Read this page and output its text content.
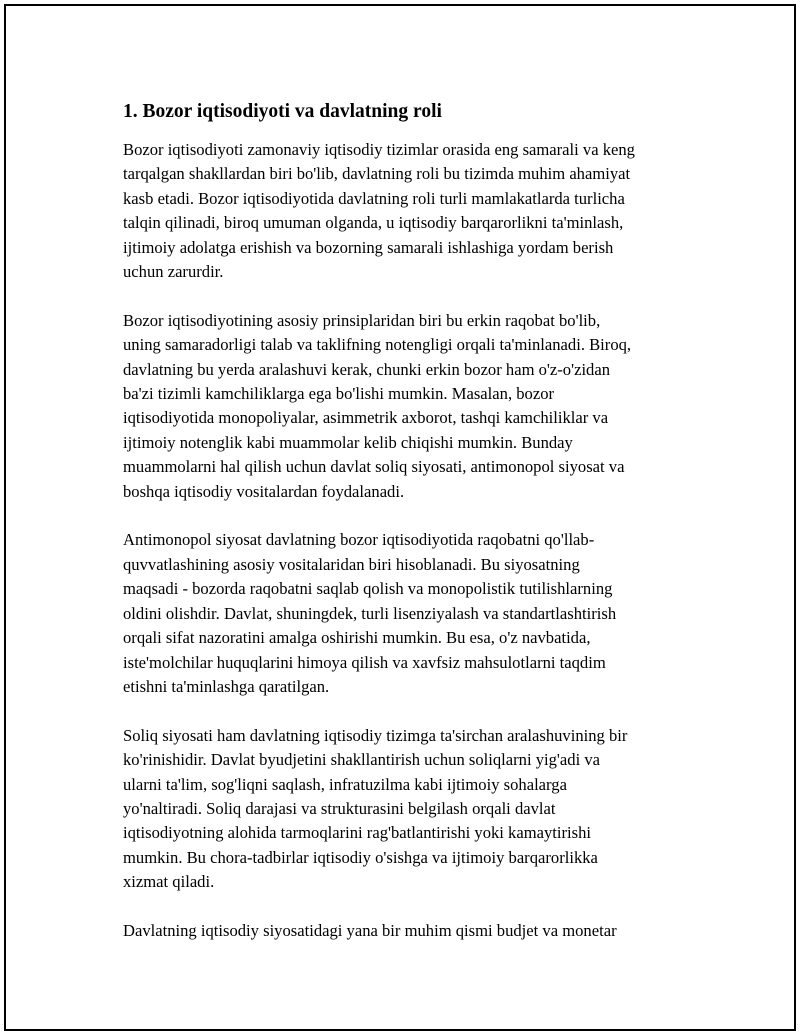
1. Bozor iqtisodiyoti va davlatning roli

Bozor iqtisodiyoti zamonaviy iqtisodiy tizimlar orasida eng samarali va keng
tarqalgan shakllardan biri bo'lib, davlatning roli bu tizimda muhim ahamiyat
kasb etadi. Bozor iqtisodiyotida davlatning roli turli mamlakatlarda turlicha
talqin qilinadi, biroq umuman olganda, u iqtisodiy barqarorlikni ta'minlash,
ijtimoiy adolatga erishish va bozorning samarali ishlashiga yordam berish
uchun zarurdir.

Bozor iqtisodiyotining asosiy prinsiplaridan biri bu erkin raqobat bo'lib,
uning samaradorligi talab va taklifning notengligi orqali ta'minlanadi. Biroq,
davlatning bu yerda aralashuvi kerak, chunki erkin bozor ham o'z-o'zidan
ba'zi tizimli kamchiliklarga ega bo'lishi mumkin. Masalan, bozor
iqtisodiyotida monopoliyalar, asimmetrik axborot, tashqi kamchiliklar va
ijtimoiy notenglik kabi muammolar kelib chiqishi mumkin. Bunday
muammolarni hal qilish uchun davlat soliq siyosati, antimonopol siyosat va
boshqa iqtisodiy vositalardan foydalanadi.

Antimonopol siyosat davlatning bozor iqtisodiyotida raqobatni qo'llab-
quvvatlashining asosiy vositalaridan biri hisoblanadi. Bu siyosatning
maqsadi - bozorda raqobatni saqlab qolish va monopolistik tutilishlarning
oldini olishdir. Davlat, shuningdek, turli lisenziyalash va standartlashtirish
orqali sifat nazoratini amalga oshirishi mumkin. Bu esa, o'z navbatida,
iste'molchilar huquqlarini himoya qilish va xavfsiz mahsulotlarni taqdim
etishni ta'minlashga qaratilgan.

Soliq siyosati ham davlatning iqtisodiy tizimga ta'sirchan aralashuvining bir
ko'rinishidir. Davlat byudjetini shakllantirish uchun soliqlarni yig'adi va
ularni ta'lim, sog'liqni saqlash, infratuzilma kabi ijtimoiy sohalarga
yo'naltiradi. Soliq darajasi va strukturasini belgilash orqali davlat
iqtisodiyotning alohida tarmoqlarini rag'batlantirishi yoki kamaytirishi
mumkin. Bu chora-tadbirlar iqtisodiy o'sishga va ijtimoiy barqarorlikka
xizmat qiladi.

Davlatning iqtisodiy siyosatidagi yana bir muhim qismi budjet va monetar
